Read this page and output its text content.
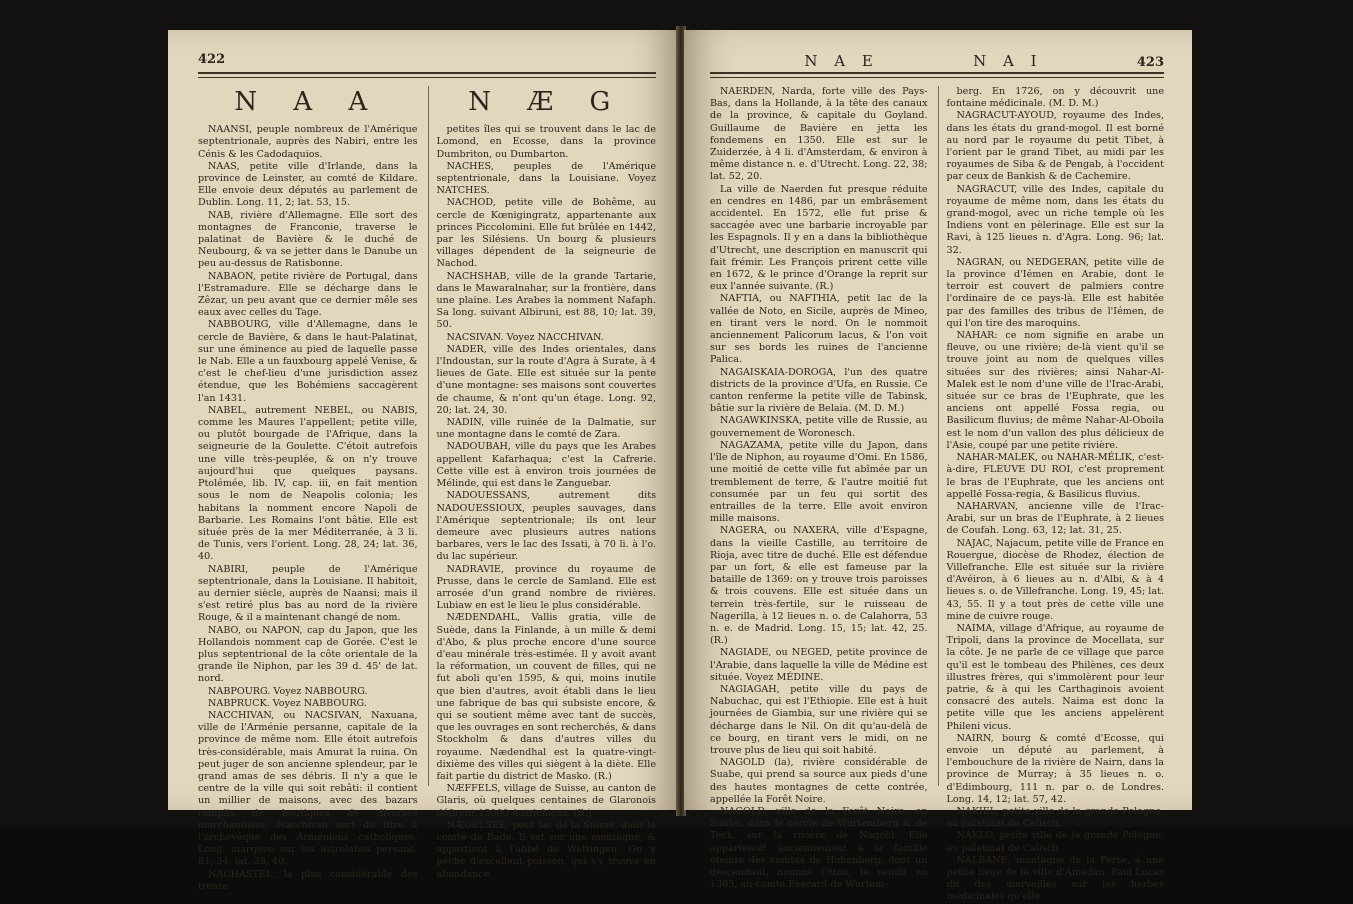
422
N A A

NAANSI, peuple nombreux de l'Amérique septentrionale, auprès des Nabiri, entre les Cénis & les Cadodaquios.

NAAS, petite ville d'Irlande, dans la province de Leinster, au comté de Kildare. Elle envoie deux députés au parlement de Dublin. Long. 11, 2; lat. 53, 15.

NAB, rivière d'Allemagne. Elle sort des montagnes de Franconie, traverse le palatinat de Bavière & le duché de Neubourg, & va se jetter dans le Danube un peu au-dessus de Ratisbonne.

NABAON, petite rivière de Portugal, dans l'Estramadure. Elle se décharge dans le Zêzar, un peu avant que ce dernier mêle ses eaux avec celles du Tage.

NABBOURG, ville d'Allemagne, dans le cercle de Bavière, & dans le haut-Palatinat, sur une éminence au pied de laquelle passe le Nab. Elle a un fauxbourg appelé Venise, & c'est le chef-lieu d'une jurisdiction assez étendue, que les Bohémiens saccagèrent l'an 1431.

NABEL, autrement NEBEL, ou NABIS, comme les Maures l'appellent; petite ville, ou plutôt bourgade de l'Afrique, dans la seigneurie de la Goulette. C'étoit autrefois une ville très-peuplée, & on n'y trouve aujourd'hui que quelques paysans. Ptolémée, lib. IV, cap. iii, en fait mention sous le nom de Neapolis colonia; les habitans la nomment encore Napoli de Barbarie. Les Romains l'ont bâtie. Elle est située près de la mer Méditerranée, à 3 li. de Tunis, vers l'orient. Long. 28, 24; lat. 36, 40.

NABIRI, peuple de l'Amérique septentrionale, dans la Louisiane. Il habitoit, au dernier siècle, auprès de Naansi; mais il s'est retiré plus bas au nord de la rivière Rouge, & il a maintenant changé de nom.

NABO, ou NAPON, cap du Japon, que les Hollandois nomment cap de Gorée. C'est le plus septentrional de la côte orientale de la grande île Niphon, par les 39 d. 45' de lat. nord.

NABPOURG. Voyez NABBOURG.

NABPRUCK. Voyez NABBOURG.

NACCHIVAN, ou NACSIVAN, Naxuana, ville de l'Arménie persanne, capitale de la province de même nom. Elle étoit autrefois très-considérable, mais Amurat la ruina. On peut juger de son ancienne splendeur, par le grand amas de ses débris. Il n'y a que le centre de la ville qui soit rebâti: il contient un millier de maisons, avec des bazars remplis de boutiques de diverses marchandises. Nacchivan sert de titre à l'archevêque des Arméniens catholiques. Long. marquée sur les astrolabes persans, 81, 34; lat. 38, 40.

NACHASTEL, la plus considérable des trente

N Æ G

petites îles qui se trouvent dans le lac de Lomond, en Ecosse, dans la province Dumbriton, ou Dumbarton.

NACHES, peuples de l'Amérique septentrionale, dans la Louisiane. Voyez NATCHES.

NACHOD, petite ville de Bohême, au cercle de Kœnigingratz, appartenante aux princes Piccolomini. Elle fut brûlée en 1442, par les Silésiens. Un bourg & plusieurs villages dépendent de la seigneurie de Nachod.

NACHSHAB, ville de la grande Tartarie, dans le Mawaralnahar, sur la frontière, dans une plaine. Les Arabes la nomment Nafaph. Sa long. suivant Albiruni, est 88, 10; lat. 39, 50.

NACSIVAN. Voyez NACCHIVAN.

NADER, ville des Indes orientales, dans l'Indoustan, sur la route d'Agra à Surate, à 4 lieues de Gate. Elle est située sur la pente d'une montagne: ses maisons sont couvertes de chaume, & n'ont qu'un étage. Long. 92, 20; lat. 24, 30.

NADIN, ville ruinée de la Dalmatie, sur une montagne dans le comté de Zara.

NADOUBAH, ville du pays que les Arabes appellent Kafarhaqua; c'est la Cafrerie. Cette ville est à environ trois journées de Mélinde, qui est dans le Zanguebar.

NADOUESSANS, autrement dits NADOUESSIOUX, peuples sauvages, dans l'Amérique septentrionale; ils ont leur demeure avec plusieurs autres nations barbares, vers le lac des Issati, à 70 li. à l'o. du lac supérieur.

NADRAVIE, province du royaume de Prusse, dans le cercle de Samland. Elle est arrosée d'un grand nombre de rivières. Lubiaw en est le lieu le plus considérable.

NÆDENDAHL, Vallis gratia, ville de Suède, dans la Finlande, à un mille & demi d'Abo, & plus proche encore d'une source d'eau minérale très-estimée. Il y avoit avant la réformation, un couvent de filles, qui ne fut aboli qu'en 1595, & qui, moins inutile que bien d'autres, avoit établi dans le lieu une fabrique de bas qui subsiste encore, & qui se soutient même avec tant de succès, que les ouvrages en sont recherchés, & dans Stockholm & dans d'autres villes du royaume. Nædendhal est la quatre-vingt-dixième des villes qui siègent à la diète. Elle fait partie du district de Masko. (R.)

NÆFFELS, village de Suisse, au canton de Glaris, où quelques centaines de Glaronois défirent 15000 Autrichiens. (R.)

NÆGELSEE, petit lac de la Suisse, dans le comté de Bade. Il est sur une montagne, & appartient à l'abbé de Wettingen. On y pêche d'excellent poisson, qui s'y trouve en abondance.

N A E	N A I	423

NAERDEN, Narda, forte ville des Pays-Bas, dans la Hollande, à la tête des canaux de la province, & capitale du Goyland. Guillaume de Bavière en jetta les fondemens en 1350. Elle est sur le Zuiderzée, à 4 li. d'Amsterdam, & environ à même distance n. e. d'Utrecht. Long. 22, 38; lat. 52, 20.

La ville de Naerden fut presque réduite en cendres en 1486, par un embrâsement accidentel. En 1572, elle fut prise & saccagée avec une barbarie incroyable par les Espagnols. Il y en a dans la bibliothèque d'Utrecht, une description en manuscrit qui fait frémir. Les François prirent cette ville en 1672, & le prince d'Orange la reprit sur eux l'année suivante. (R.)

NAFTIA, ou NAFTHIA, petit lac de la vallée de Noto, en Sicile, auprès de Mineo, en tirant vers le nord. On le nommoit anciennement Palicorum lacus, & l'on voit sur ses bords les ruines de l'ancienne Palica.

NAGAISKAIA-DOROGA, l'un des quatre districts de la province d'Ufa, en Russie. Ce canton renferme la petite ville de Tabinsk, bâtie sur la rivière de Belaia. (M. D. M.)

NAGAWKINSKA, petite ville de Russie, au gouvernement de Woronesch.

NAGAZAMA, petite ville du Japon, dans l'île de Niphon, au royaume d'Omi. En 1586, une moitié de cette ville fut abîmée par un tremblement de terre, & l'autre moitié fut consumée par un feu qui sortit des entrailles de la terre. Elle avoit environ mille maisons.

NAGERA, ou NAXERA, ville d'Espagne, dans la vieille Castille, au territoire de Rioja, avec titre de duché. Elle est défendue par un fort, & elle est fameuse par la bataille de 1369: on y trouve trois paroisses & trois couvens. Elle est située dans un terrein très-fertile, sur le ruisseau de Nagerilla, à 12 lieues n. o. de Calahorra, 53 n. e. de Madrid. Long. 15, 15; lat. 42, 25. (R.)

NAGIADE, ou NEGED, petite province de l'Arabie, dans laquelle la ville de Médine est située. Voyez MÉDINE.

NAGIAGAH, petite ville du pays de Nabuchac, qui est l'Ethiopie. Elle est à huit journées de Giambia, sur une rivière qui se décharge dans le Nil. On dit qu'au-delà de ce bourg, en tirant vers le midi, on ne trouve plus de lieu qui soit habité.

NAGOLD (la), rivière considérable de Suabe, qui prend sa source aux pieds d'une des hautes montagnes de cette contrée, appellée la Forêt Noire.

NAGOLD, ville de la Forêt Noire, en Suabe, dans le cercle de Wurtemberg & de Teck, sur la rivière de Nagold. Elle appartenoit anciennement à la famille éteinte des comtes de Hohenberg, dont un descendant, nommé Otton, la vendit en 1363, au comte Everard de Wurtem-

berg. En 1726, on y découvrit une fontaine médicinale. (M. D. M.)

NAGRACUT-AYOUD, royaume des Indes, dans les états du grand-mogol. Il est borné au nord par le royaume du petit Tibet, à l'orient par le grand Tibet, au midi par les royaumes de Siba & de Pengab, à l'occident par ceux de Bankish & de Cachemire.

NAGRACUT, ville des Indes, capitale du royaume de même nom, dans les états du grand-mogol, avec un riche temple où les Indiens vont en pèlerinage. Elle est sur la Ravi, à 125 lieues n. d'Agra. Long. 96; lat. 32.

NAGRAN, ou NEDGERAN, petite ville de la province d'Iémen en Arabie, dont le terroir est couvert de palmiers contre l'ordinaire de ce pays-là. Elle est habitée par des familles des tribus de l'Iémen, de qui l'on tire des maroquins.

NAHAR: ce nom signifie en arabe un fleuve, ou une rivière; de-là vient qu'il se trouve joint au nom de quelques villes situées sur des rivières; ainsi Nahar-Al-Malek est le nom d'une ville de l'Irac-Arabi, située sur ce bras de l'Euphrate, que les anciens ont appellé Fossa regia, ou Basilicum fluvius; de même Nahar-Al-Oboila est le nom d'un vallon des plus délicieux de l'Asie, coupé par une petite rivière.

NAHAR-MALEK, ou NAHAR-MÉLIK, c'est-à-dire, FLEUVE DU ROI, c'est proprement le bras de l'Euphrate, que les anciens ont appellé Fossa-regia, & Basilicus fluvius.

NAHARVAN, ancienne ville de l'Irac-Arabi, sur un bras de l'Euphrate, à 2 lieues de Coufah. Long. 63, 12; lat. 31, 25.

NAJAC, Najacum, petite ville de France en Rouergue, diocèse de Rhodez, élection de Villefranche. Elle est située sur la rivière d'Avéiron, à 6 lieues au n. d'Albi, & à 4 lieues s. o. de Villefranche. Long. 19, 45; lat. 43, 55. Il y a tout près de cette ville une mine de cuivre rouge.

NAIMA, village d'Afrique, au royaume de Tripoli, dans la province de Mocellata, sur la côte. Je ne parle de ce village que parce qu'il est le tombeau des Philènes, ces deux illustres frères, qui s'immolèrent pour leur patrie, & à qui les Carthaginois avoient consacré des autels. Naima est donc la petite ville que les anciens appelèrent Phileni vicus.

NAIRN, bourg & comté d'Ecosse, qui envoie un député au parlement, à l'embouchure de la rivière de Nairn, dans la province de Murray; à 35 lieues n. o. d'Edimbourg, 111 n. par o. de Londres. Long. 14, 12; lat. 57, 42.

NAKIEL, petite ville de la grande Pologne, au palatinat de Calisch.

NAKLO, petite ville de la grande Pologne, au palatinat de Calisch.

NALBANE, montagne de la Perse, à une petite lieue de la ville d'Amadan. Paul Lucas dit des merveilles sur les herbes médicinales qu'elle
